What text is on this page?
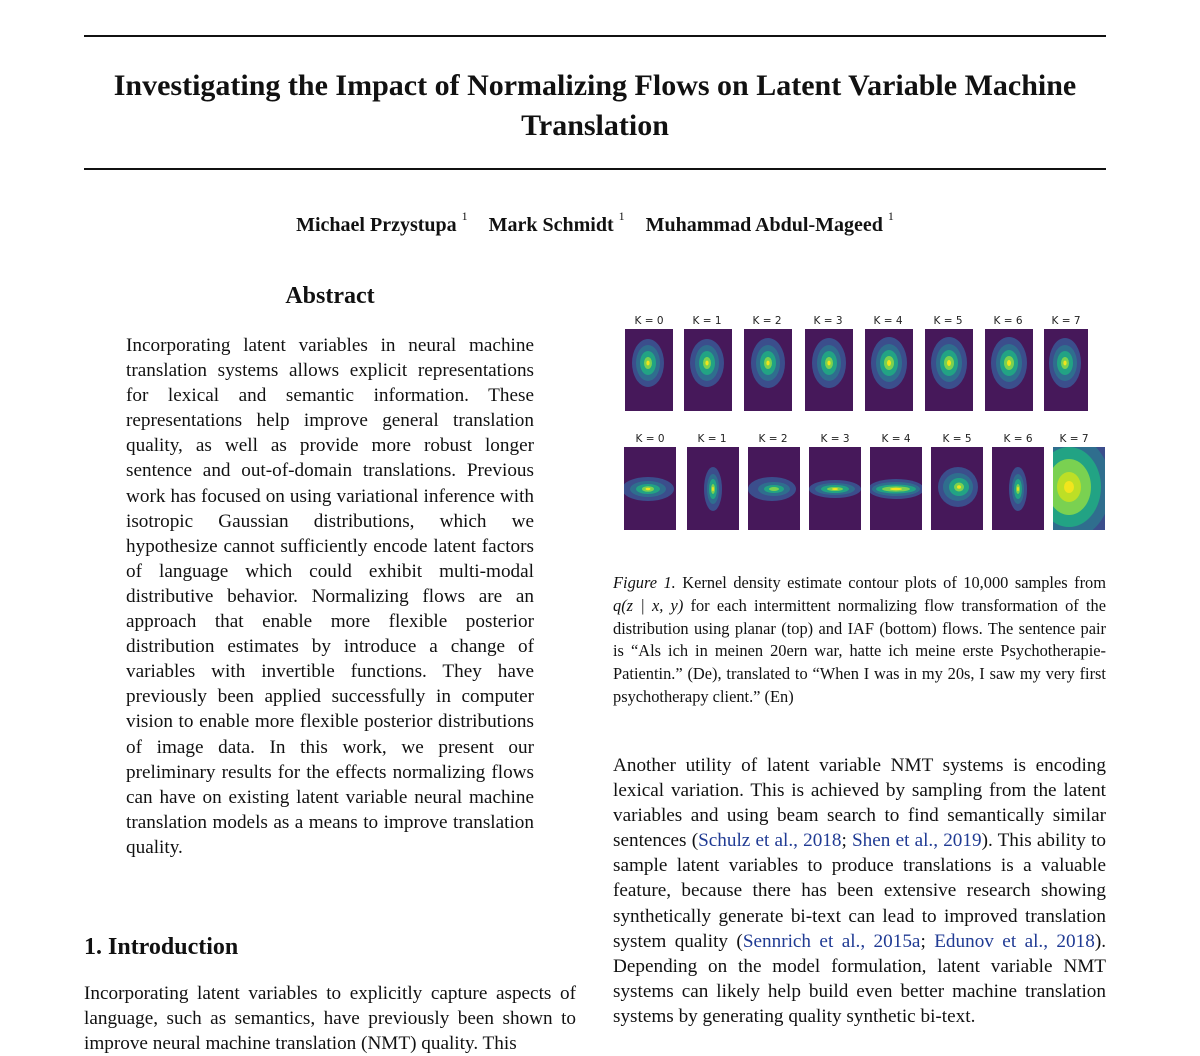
Investigating the Impact of Normalizing Flows on Latent Variable Machine Translation
Michael Przystupa $^1$ Mark Schmidt $^1$ Muhammad Abdul-Mageed $^1$
Abstract
Incorporating latent variables in neural machine translation systems allows explicit representations for lexical and semantic information. These representations help improve general translation quality, as well as provide more robust longer sentence and out-of-domain translations. Previous work has focused on using variational inference with isotropic Gaussian distributions, which we hypothesize cannot sufficiently encode latent factors of language which could exhibit multi-modal distributive behavior. Normalizing flows are an approach that enable more flexible posterior distribution estimates by introduce a change of variables with invertible functions. They have previously been applied successfully in computer vision to enable more flexible posterior distributions of image data. In this work, we present our preliminary results for the effects normalizing flows can have on existing latent variable neural machine translation models as a means to improve translation quality.
1. Introduction
Incorporating latent variables to explicitly capture aspects of language, such as semantics, have previously been shown to improve neural machine translation (NMT) quality. This
K = 0	K = 1	K = 2	K = 3	K = 4	K = 5	K = 6	K = 7
K = 0	K = 1	K = 2	K = 3	K = 4	K = 5	K = 6	K = 7
Figure 1. Kernel density estimate contour plots of 10,000 samples from q(z | x, y) for each intermittent normalizing flow transformation of the distribution using planar (top) and IAF (bottom) flows. The sentence pair is “Als ich in meinen 20ern war, hatte ich meine erste Psychotherapie-Patientin.” (De), translated to “When I was in my 20s, I saw my very first psychotherapy client.” (En)
Another utility of latent variable NMT systems is encoding lexical variation. This is achieved by sampling from the latent variables and using beam search to find semantically similar sentences (Schulz et al., 2018; Shen et al., 2019). This ability to sample latent variables to produce translations is a valuable feature, because there has been extensive research showing synthetically generate bi-text can lead to improved translation system quality (Sennrich et al., 2015a; Edunov et al., 2018). Depending on the model formulation, latent variable NMT systems can likely help build even better machine translation systems by generating quality synthetic bi-text.
